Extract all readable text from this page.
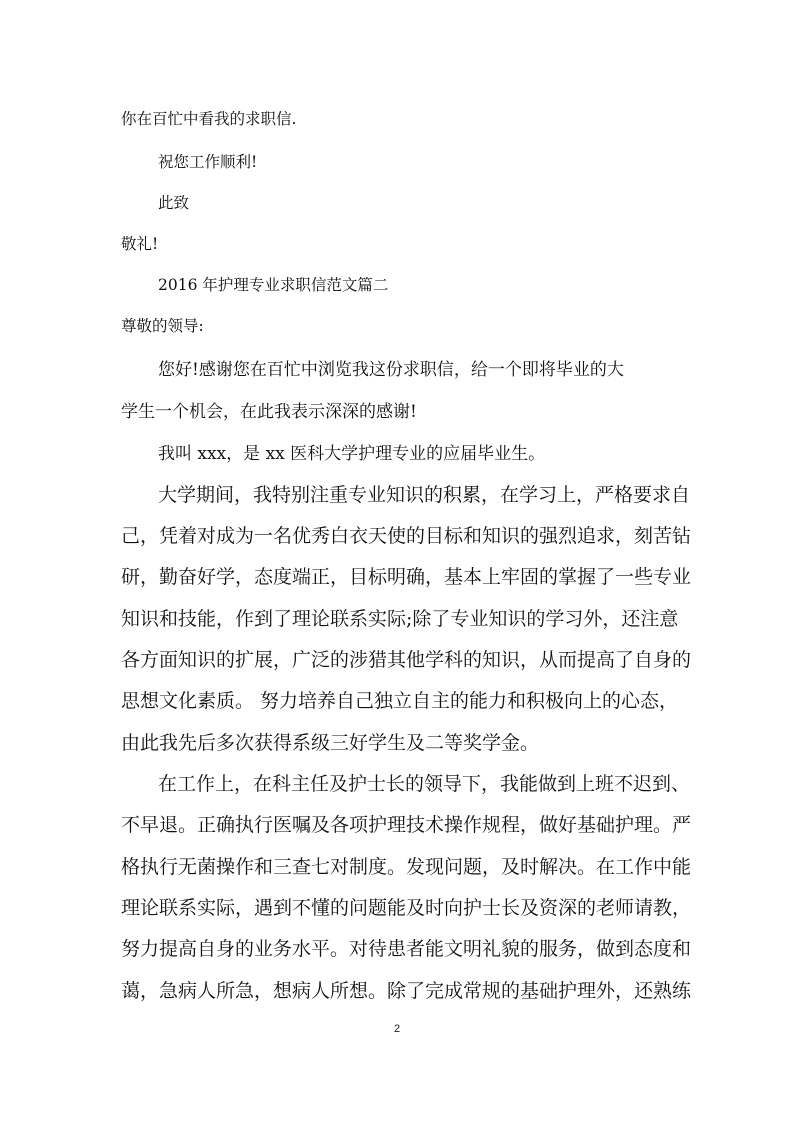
你在百忙中看我的求职信.
祝您工作顺利!
此致
敬礼!
2016 年护理专业求职信范文篇二
尊敬的领导:
您好!感谢您在百忙中浏览我这份求职信，给一个即将毕业的大
学生一个机会，在此我表示深深的感谢!
我叫 xxx，是 xx 医科大学护理专业的应届毕业生。
大学期间，我特别注重专业知识的积累，在学习上，严格要求自
己，凭着对成为一名优秀白衣天使的目标和知识的强烈追求，刻苦钻
研，勤奋好学，态度端正，目标明确，基本上牢固的掌握了一些专业
知识和技能，作到了理论联系实际;除了专业知识的学习外，还注意
各方面知识的扩展，广泛的涉猎其他学科的知识，从而提高了自身的
思想文化素质。 努力培养自己独立自主的能力和积极向上的心态，
由此我先后多次获得系级三好学生及二等奖学金。
在工作上，在科主任及护士长的领导下，我能做到上班不迟到、
不早退。正确执行医嘱及各项护理技术操作规程，做好基础护理。严
格执行无菌操作和三查七对制度。发现问题，及时解决。在工作中能
理论联系实际，遇到不懂的问题能及时向护士长及资深的老师请教，
努力提高自身的业务水平。对待患者能文明礼貌的服务，做到态度和
蔼，急病人所急，想病人所想。除了完成常规的基础护理外，还熟练
2
